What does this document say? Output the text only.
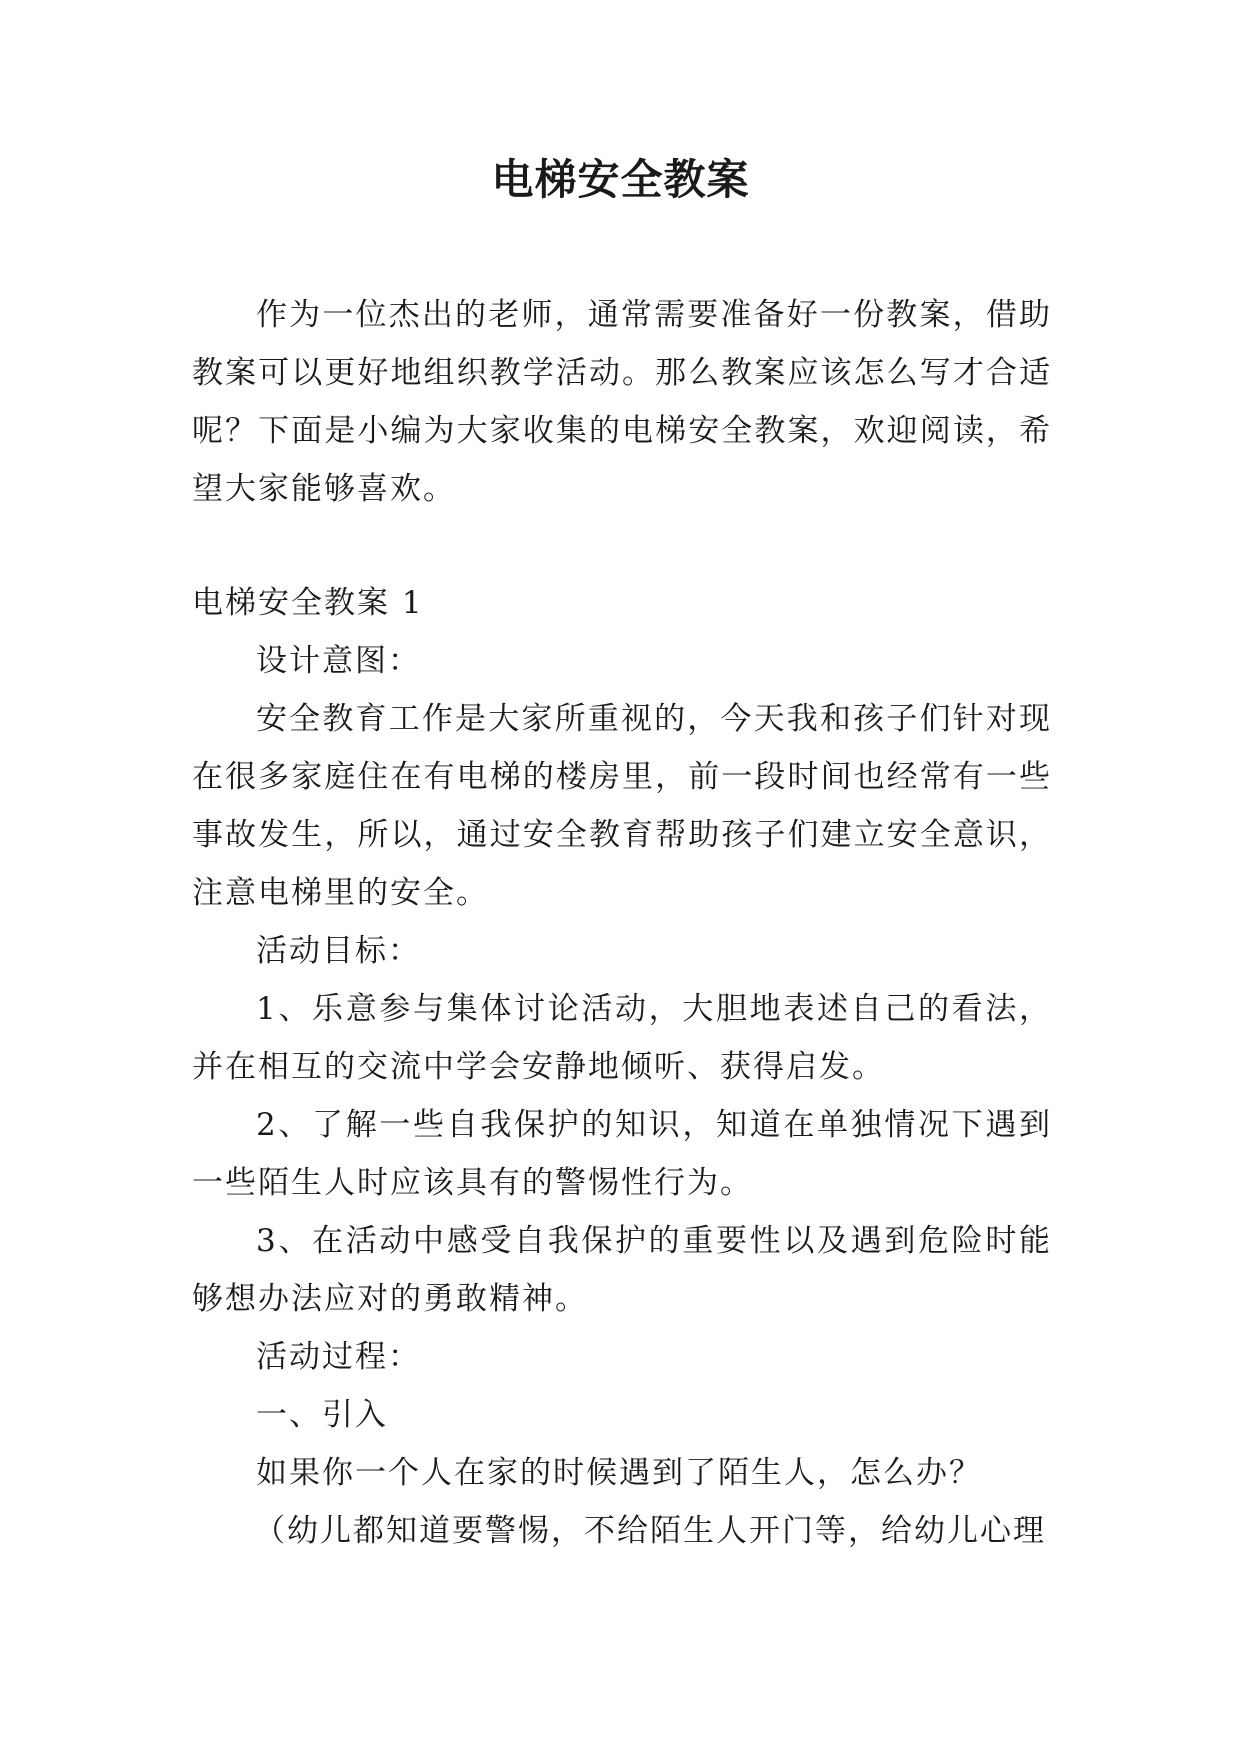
电梯安全教案

作为一位杰出的老师，通常需要准备好一份教案，借助教案可以更好地组织教学活动。那么教案应该怎么写才合适呢？下面是小编为大家收集的电梯安全教案，欢迎阅读，希望大家能够喜欢。

电梯安全教案 1

设计意图：

安全教育工作是大家所重视的，今天我和孩子们针对现在很多家庭住在有电梯的楼房里，前一段时间也经常有一些事故发生，所以，通过安全教育帮助孩子们建立安全意识，注意电梯里的安全。

活动目标：

1、乐意参与集体讨论活动，大胆地表述自己的看法，并在相互的交流中学会安静地倾听、获得启发。

2、了解一些自我保护的知识，知道在单独情况下遇到一些陌生人时应该具有的警惕性行为。

3、在活动中感受自我保护的重要性以及遇到危险时能够想办法应对的勇敢精神。

活动过程：

一、引入

如果你一个人在家的时候遇到了陌生人，怎么办？

（幼儿都知道要警惕，不给陌生人开门等，给幼儿心理
